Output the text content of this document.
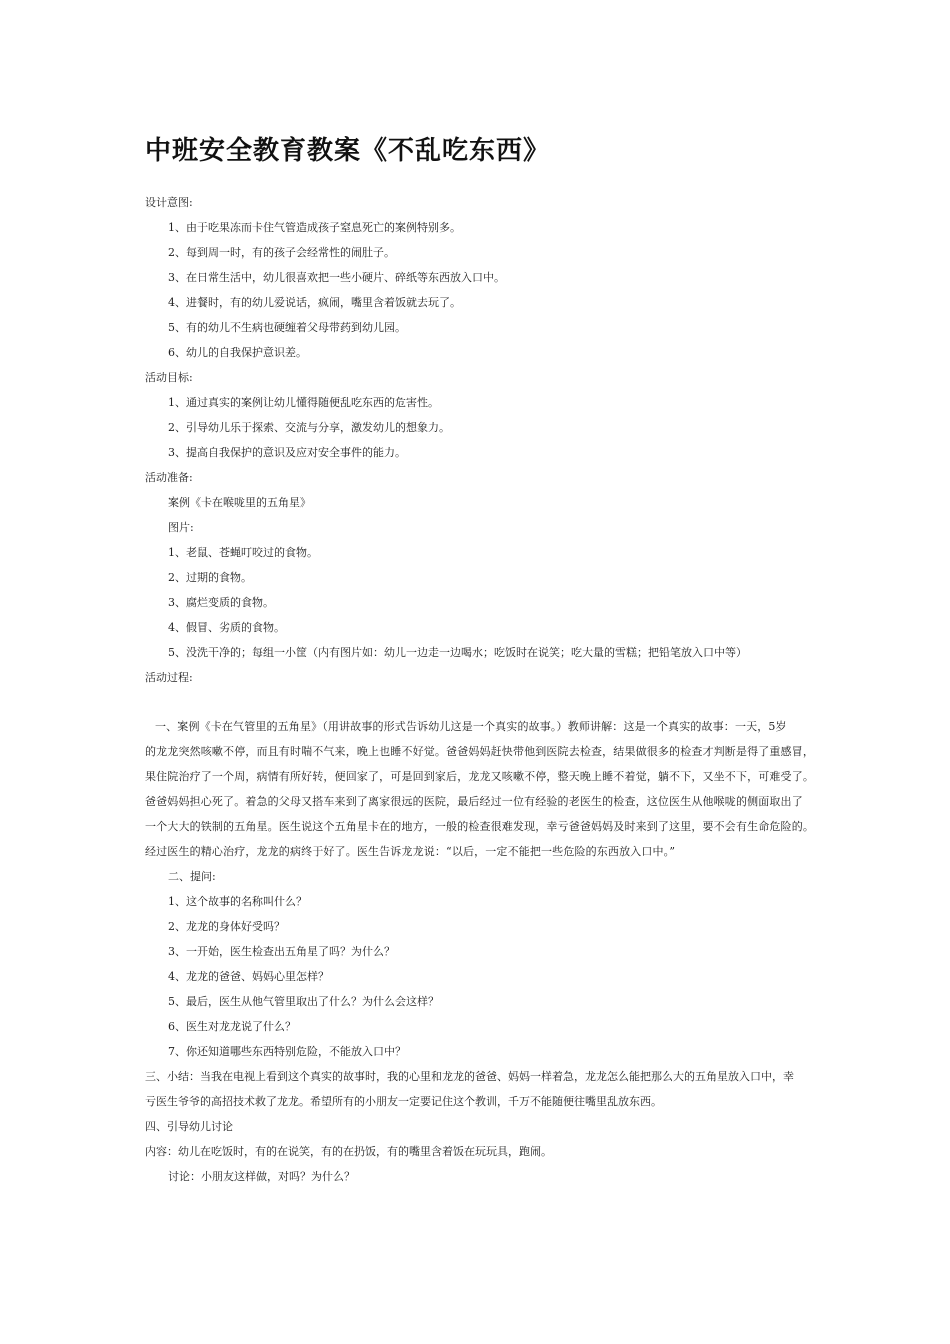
中班安全教育教案《不乱吃东西》
设计意图:
1、由于吃果冻而卡住气管造成孩子窒息死亡的案例特别多。
2、每到周一时，有的孩子会经常性的闹肚子。
3、在日常生活中，幼儿很喜欢把一些小硬片、碎纸等东西放入口中。
4、进餐时，有的幼儿爱说话，疯闹，嘴里含着饭就去玩了。
5、有的幼儿不生病也硬缠着父母带药到幼儿园。
6、幼儿的自我保护意识差。
活动目标:
1、通过真实的案例让幼儿懂得随便乱吃东西的危害性。
2、引导幼儿乐于探索、交流与分享，激发幼儿的想象力。
3、提高自我保护的意识及应对安全事件的能力。
活动准备:
案例《卡在喉咙里的五角星》
图片:
1、老鼠、苍蝇叮咬过的食物。
2、过期的食物。
3、腐烂变质的食物。
4、假冒、劣质的食物。
5、没洗干净的；每组一小筐（内有图片如：幼儿一边走一边喝水；吃饭时在说笑；吃大量的雪糕；把铅笔放入口中等）
活动过程:
一、案例《卡在气管里的五角星》（用讲故事的形式告诉幼儿这是一个真实的故事。）教师讲解：这是一个真实的故事：一天，5岁
的龙龙突然咳嗽不停，而且有时喘不气来，晚上也睡不好觉。爸爸妈妈赶快带他到医院去检查，结果做很多的检查才判断是得了重感冒，
果住院治疗了一个周，病情有所好转，便回家了，可是回到家后，龙龙又咳嗽不停，整天晚上睡不着觉，躺不下，又坐不下，可难受了。
爸爸妈妈担心死了。着急的父母又搭车来到了离家很远的医院，最后经过一位有经验的老医生的检查，这位医生从他喉咙的侧面取出了
一个大大的铁制的五角星。医生说这个五角星卡在的地方，一般的检查很难发现，幸亏爸爸妈妈及时来到了这里，要不会有生命危险的。
经过医生的精心治疗，龙龙的病终于好了。医生告诉龙龙说：“以后，一定不能把一些危险的东西放入口中。”
二、提问:
1、这个故事的名称叫什么？
2、龙龙的身体好受吗？
3、一开始，医生检查出五角星了吗？为什么？
4、龙龙的爸爸、妈妈心里怎样？
5、最后，医生从他气管里取出了什么？为什么会这样？
6、医生对龙龙说了什么？
7、你还知道哪些东西特别危险，不能放入口中？
三、小结：当我在电视上看到这个真实的故事时，我的心里和龙龙的爸爸、妈妈一样着急，龙龙怎么能把那么大的五角星放入口中，幸
亏医生爷爷的高招技术救了龙龙。希望所有的小朋友一定要记住这个教训，千万不能随便往嘴里乱放东西。
四、引导幼儿讨论
内容：幼儿在吃饭时，有的在说笑，有的在扔饭，有的嘴里含着饭在玩玩具，跑闹。
讨论：小朋友这样做，对吗？为什么？
